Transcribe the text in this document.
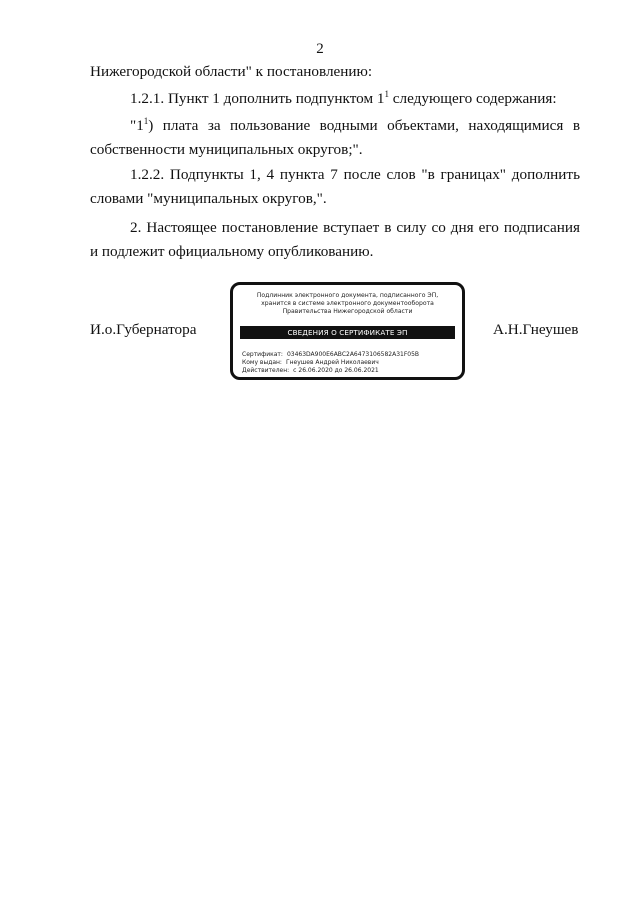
2

Нижегородской области" к постановлению:

1.2.1. Пункт 1 дополнить подпунктом $1^1$ следующего содержания:

"$1^1$) плата за пользование водными объектами, находящимися в собственности муниципальных округов;".

1.2.2. Подпункты 1, 4 пункта 7 после слов "в границах" дополнить словами "муниципальных округов,".

2. Настоящее постановление вступает в силу со дня его подписания и подлежит официальному опубликованию.

И.о.Губернатора
Подлинник электронного документа, подписанного ЭП,
хранится в системе электронного документооборота
Правительства Нижегородской области
СВЕДЕНИЯ О СЕРТИФИКАТЕ ЭП
Сертификат: 03463DA900E6ABC2A6473106582A31F05B
Кому выдан: Гнеушев Андрей Николаевич
Действителен: с 26.06.2020 до 26.06.2021
А.Н.Гнеушев
